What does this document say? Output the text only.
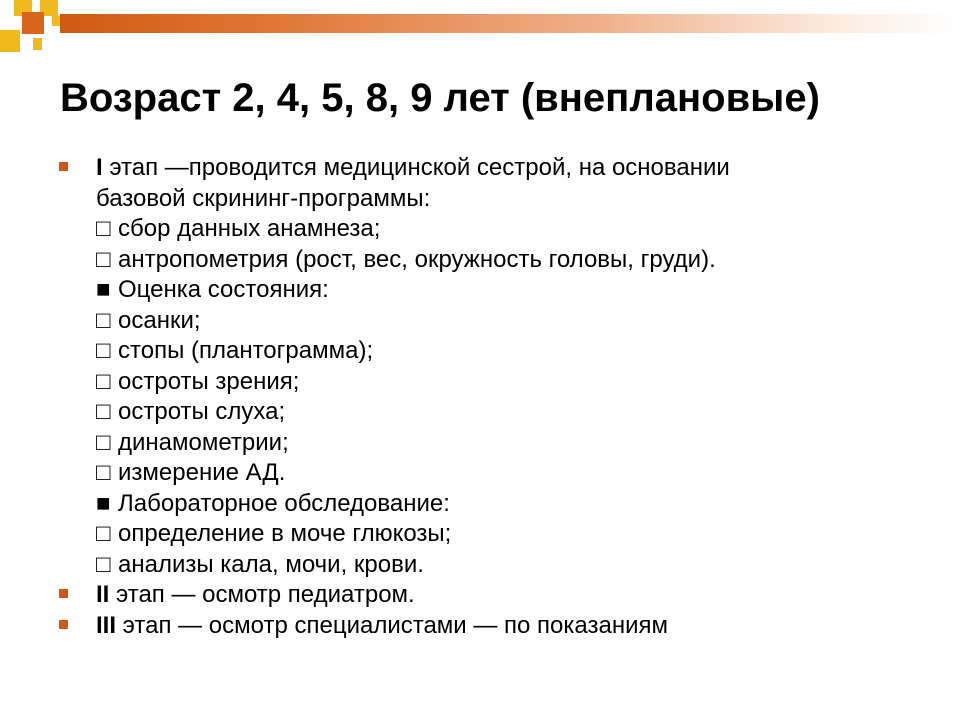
Возраст 2, 4, 5, 8, 9 лет (внеплановые)
I этап —проводится медицинской сестрой, на основании
базовой скрининг-программы:
□ сбор данных анамнеза;
□ антропометрия (рост, вес, окружность головы, груди).
■ Оценка состояния:
□ осанки;
□ стопы (плантограмма);
□ остроты зрения;
□ остроты слуха;
□ динамометрии;
□ измерение АД.
■ Лабораторное обследование:
□ определение в моче глюкозы;
□ анализы кала, мочи, крови.
II этап — осмотр педиатром.
III этап — осмотр специалистами — по показаниям
